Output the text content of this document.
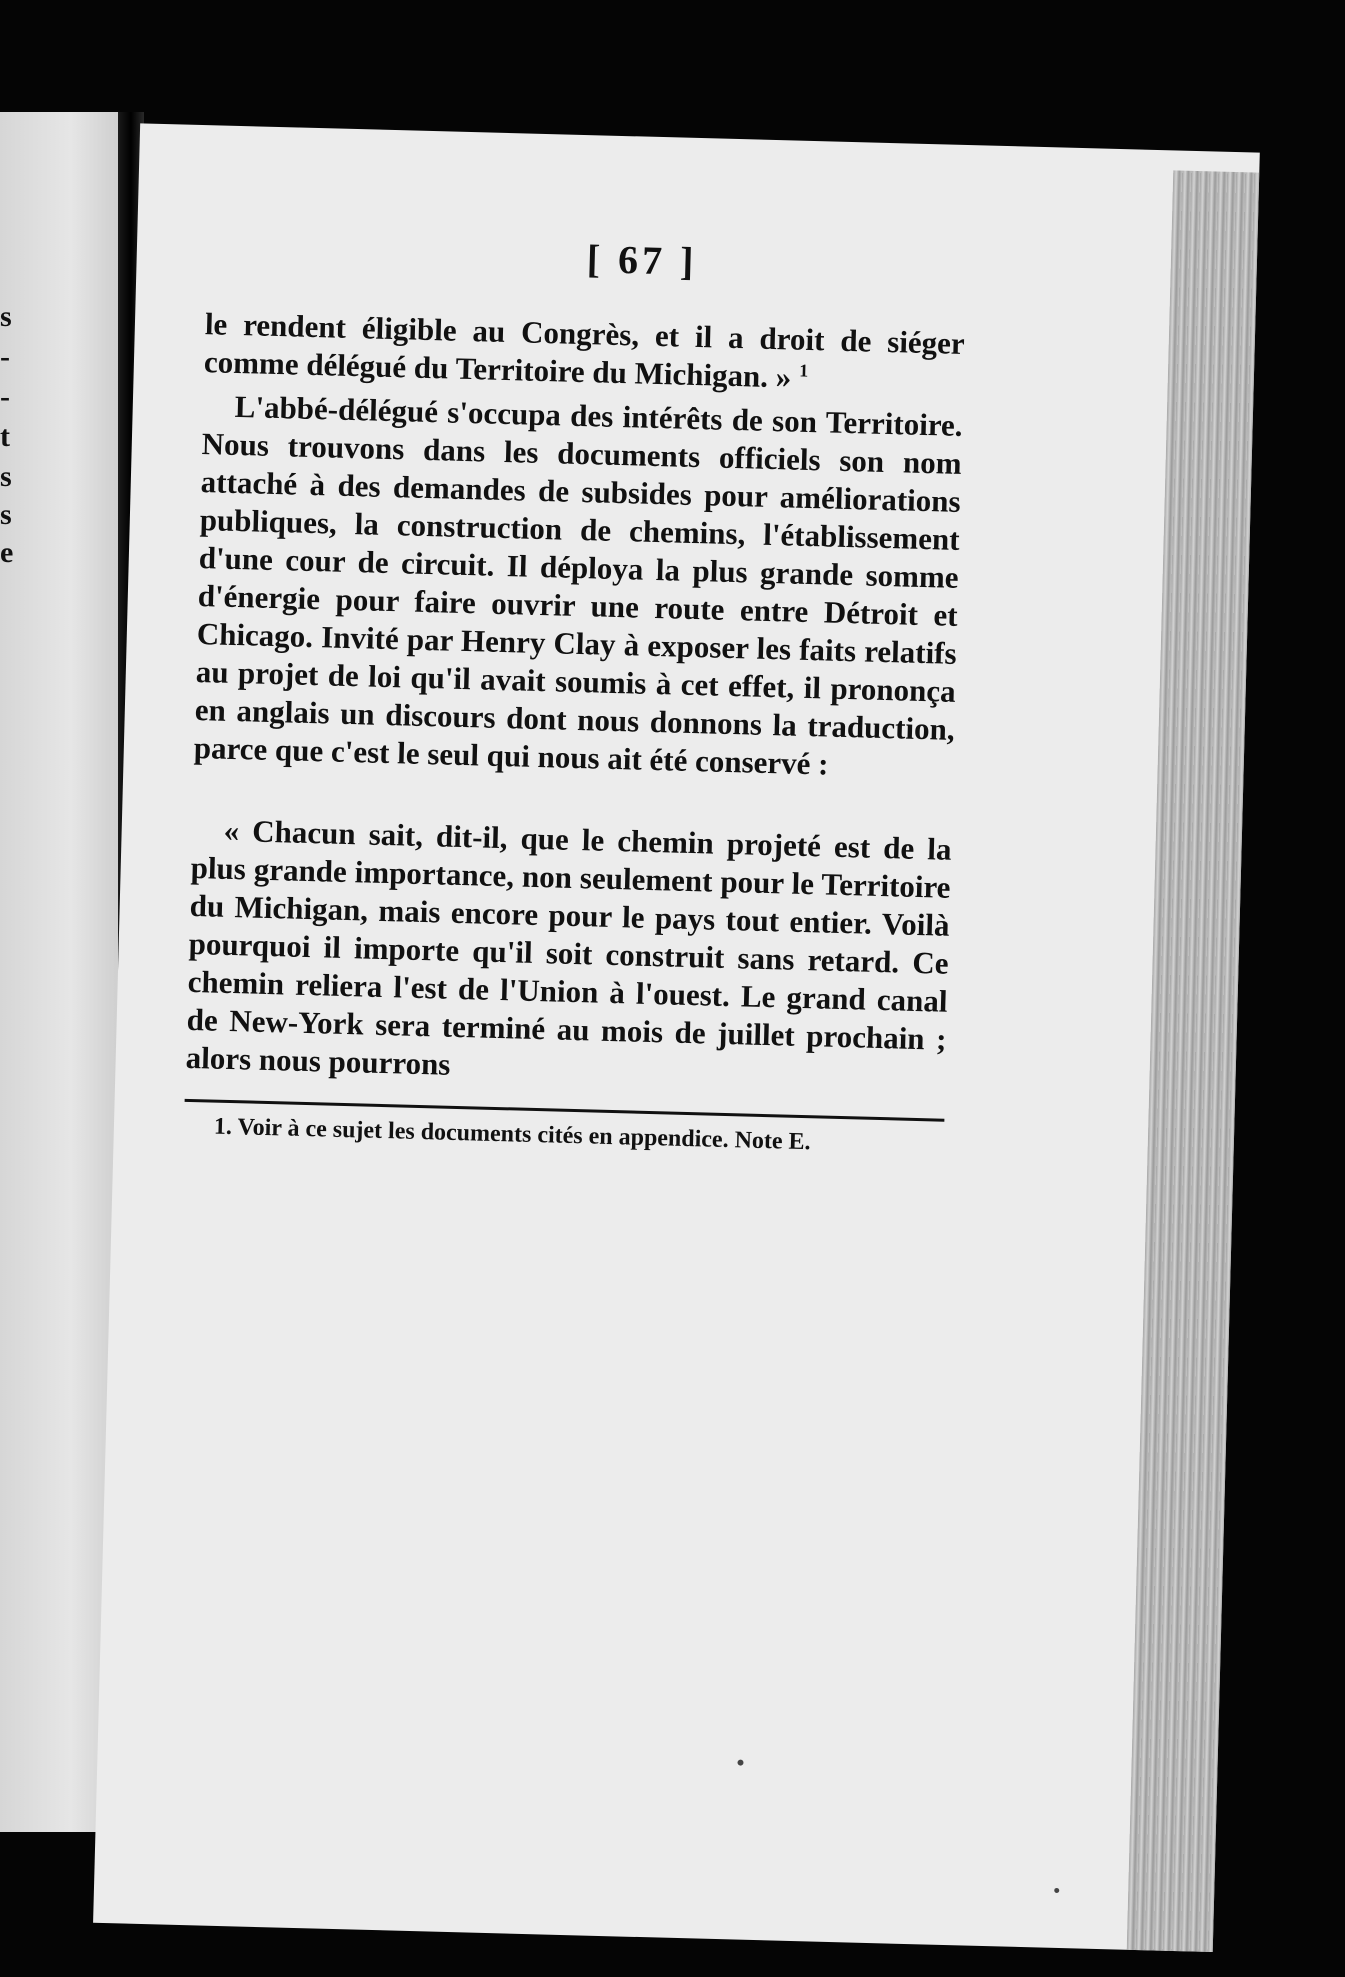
s
-
-
t
s
s
e
[ 67 ]

le rendent éligible au Congrès, et il a droit de siéger comme délégué du Territoire du Michigan. » $^1$

L'abbé-délégué s'occupa des intérêts de son Territoire. Nous trouvons dans les documents officiels son nom attaché à des demandes de subsides pour améliorations publiques, la construction de chemins, l'établissement d'une cour de circuit. Il déploya la plus grande somme d'énergie pour faire ouvrir une route entre Détroit et Chicago. Invité par Henry Clay à exposer les faits relatifs au projet de loi qu'il avait soumis à cet effet, il prononça en anglais un discours dont nous donnons la traduction, parce que c'est le seul qui nous ait été conservé :

« Chacun sait, dit-il, que le chemin projeté est de la plus grande importance, non seulement pour le Territoire du Michigan, mais encore pour le pays tout entier. Voilà pourquoi il importe qu'il soit construit sans retard. Ce chemin reliera l'est de l'Union à l'ouest. Le grand canal de New-York sera terminé au mois de juillet prochain ; alors nous pourrons

1. Voir à ce sujet les documents cités en appendice. Note E.
